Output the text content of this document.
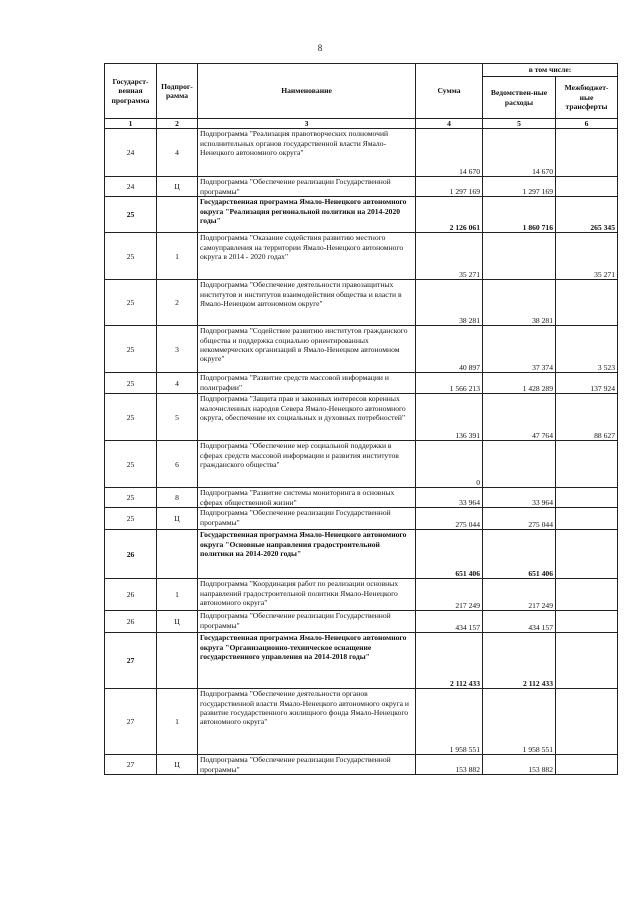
8
Государст-венная программа	Подпрог-рамма	Наименование	Сумма	в том числе:	
				Ведомствен-ные расходы	Межбюджет-ные трансферты
1	2	3	4	5	6
24	4	Подпрограмма "Реализация правотворческих полномочий исполнительных органов государственной власти Ямало-Ненецкого автономного округа"	14 670	14 670	
24	Ц	Подпрограмма "Обеспечение реализации Государственной программы"	1 297 169	1 297 169	
25		Государственная программа Ямало-Ненецкого автономного округа "Реализация региональной политики на 2014-2020 годы"	2 126 061	1 860 716	265 345
25	1	Подпрограмма "Оказание содействия развитию местного самоуправления на территории Ямало-Ненецкого автономного округа в 2014 - 2020 годах"	35 271		35 271
25	2	Подпрограмма "Обеспечение деятельности правозащитных институтов и институтов взаимодействия общества и власти в Ямало-Ненецком автономном округе"	38 281	38 281	
25	3	Подпрограмма "Содействие развитию институтов гражданского общества и поддержка социально ориентированных некоммерческих организаций в Ямало-Ненецком автономном округе"	40 897	37 374	3 523
25	4	Подпрограмма "Развитие средств массовой информации и полиграфии"	1 566 213	1 428 289	137 924
25	5	Подпрограмма "Защита прав и законных интересов коренных малочисленных народов Севера Ямало-Ненецкого автономного округа, обеспечение их социальных и духовных потребностей"	136 391	47 764	88 627
25	6	Подпрограмма "Обеспечение мер социальной поддержки в сферах средств массовой информации и развития институтов гражданского общества"	0		
25	8	Подпрограмма "Развитие системы мониторинга в основных сферах общественной жизни"	33 964	33 964	
25	Ц	Подпрограмма "Обеспечение реализации Государственной программы"	275 044	275 044	
26		Государственная программа Ямало-Ненецкого автономного округа "Основные направления градостроительной политики на 2014-2020 годы"	651 406	651 406	
26	1	Подпрограмма "Координация работ по реализации основных направлений градостроительной политики Ямало-Ненецкого автономного округа"	217 249	217 249	
26	Ц	Подпрограмма "Обеспечение реализации Государственной программы"	434 157	434 157	
27		Государственная программа Ямало-Ненецкого автономного округа "Организационно-техническое оснащение государственного управления на 2014-2018 годы"	2 112 433	2 112 433	
27	1	Подпрограмма "Обеспечение деятельности органов государственной власти Ямало-Ненецкого автономного округа и развитие государственного жилищного фонда Ямало-Ненецкого автономного округа"	1 958 551	1 958 551	
27	Ц	Подпрограмма "Обеспечение реализации Государственной программы"	153 882	153 882	
